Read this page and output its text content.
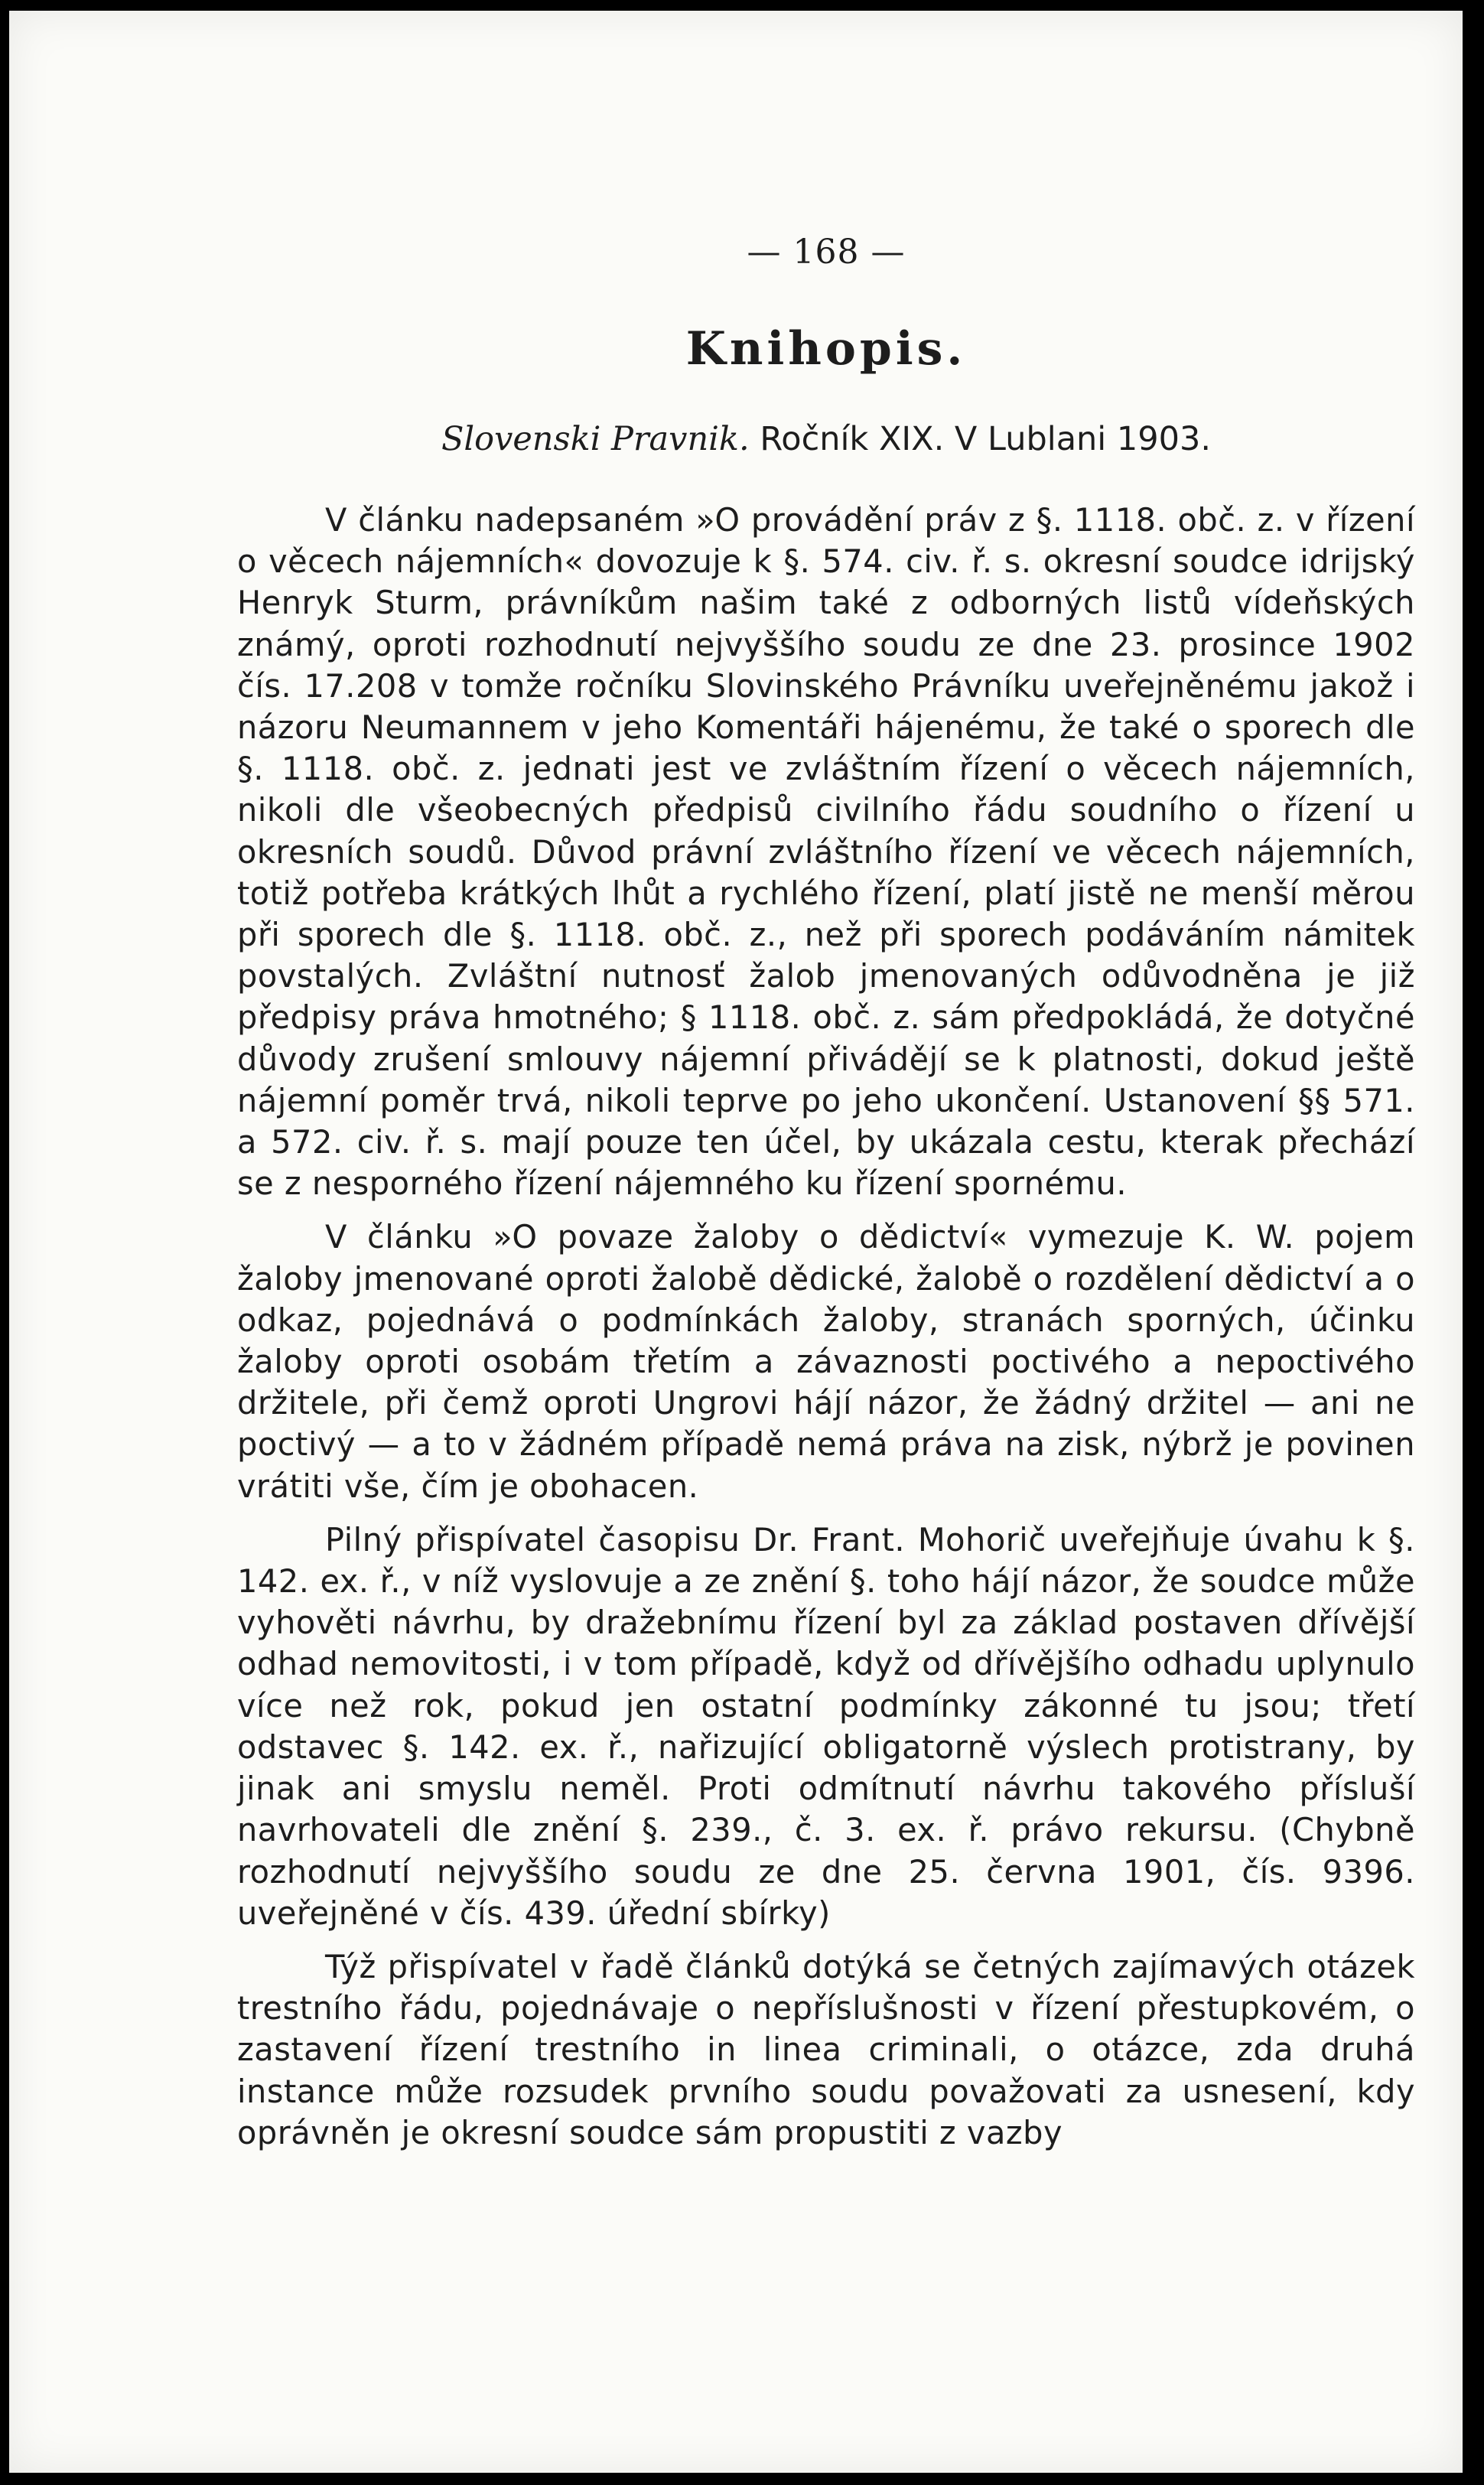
— 168 —
Knihopis.
Slovenski Pravnik. Ročník XIX. V Lublani 1903.

V článku nadepsaném »O provádění práv z §. 1118. obč. z. v řízení o věcech nájemních« dovozuje k §. 574. civ. ř. s. okresní soudce idrijský Henryk Sturm, právníkům našim také z odborných listů vídeňských známý, oproti rozhodnutí nejvyššího soudu ze dne 23. prosince 1902 čís. 17.208 v tomže ročníku Slovinského Právníku uveřejněnému jakož i názoru Neumannem v jeho Komentáři hájenému, že také o sporech dle §. 1118. obč. z. jednati jest ve zvláštním řízení o věcech nájemních, nikoli dle všeobecných předpisů civilního řádu soudního o řízení u okresních soudů. Důvod právní zvláštního řízení ve věcech nájemních, totiž potřeba krátkých lhůt a rychlého řízení, platí jistě ne menší měrou při sporech dle §. 1118. obč. z., než při sporech podáváním námitek povstalých. Zvláštní nutnosť žalob jmenovaných odůvodněna je již předpisy práva hmotného; § 1118. obč. z. sám předpokládá, že dotyčné důvody zrušení smlouvy nájemní přivádějí se k platnosti, dokud ještě nájemní poměr trvá, nikoli teprve po jeho ukončení. Ustanovení §§ 571. a 572. civ. ř. s. mají pouze ten účel, by ukázala cestu, kterak přechází se z nesporného řízení nájemného ku řízení spornému.

V článku »O povaze žaloby o dědictví« vymezuje K. W. pojem žaloby jmenované oproti žalobě dědické, žalobě o rozdělení dědictví a o odkaz, pojednává o podmínkách žaloby, stranách sporných, účinku žaloby oproti osobám třetím a závaznosti poctivého a nepoctivého držitele, při čemž oproti Ungrovi hájí názor, že žádný držitel — ani ne poctivý — a to v žádném případě nemá práva na zisk, nýbrž je povinen vrátiti vše, čím je obohacen.

Pilný přispívatel časopisu Dr. Frant. Mohorič uveřejňuje úvahu k §. 142. ex. ř., v níž vyslovuje a ze znění §. toho hájí názor, že soudce může vyhověti návrhu, by dražebnímu řízení byl za základ postaven dřívější odhad nemovitosti, i v tom případě, když od dřívějšího odhadu uplynulo více než rok, pokud jen ostatní podmínky zákonné tu jsou; třetí odstavec §. 142. ex. ř., nařizující obligatorně výslech protistrany, by jinak ani smyslu neměl. Proti odmítnutí návrhu takového přísluší navrhovateli dle znění §. 239., č. 3. ex. ř. právo rekursu. (Chybně rozhodnutí nejvyššího soudu ze dne 25. června 1901, čís. 9396. uveřejněné v čís. 439. úřední sbírky)

Týž přispívatel v řadě článků dotýká se četných zajímavých otázek trestního řádu, pojednávaje o nepříslušnosti v řízení přestupkovém, o zastavení řízení trestního in linea criminali, o otázce, zda druhá instance může rozsudek prvního soudu považovati za usnesení, kdy oprávněn je okresní soudce sám propustiti z vazby
